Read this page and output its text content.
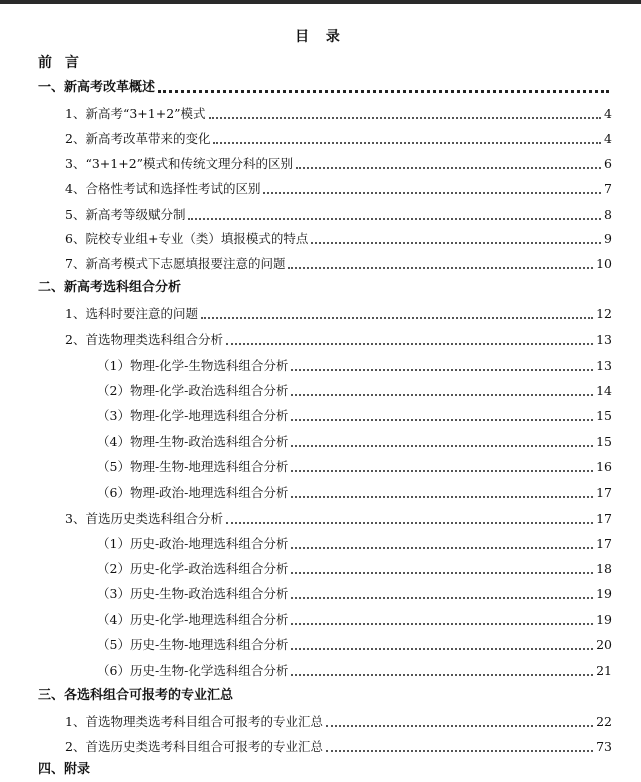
目 录
前 言
一、新高考改革概述
1、新高考“3+1+2”模式	4
2、新高考改革带来的变化	4
3、“3+1+2”模式和传统文理分科的区别	6
4、合格性考试和选择性考试的区别	7
5、新高考等级赋分制	8
6、院校专业组+专业（类）填报模式的特点	9
7、新高考模式下志愿填报要注意的问题	10
二、新高考选科组合分析
1、选科时要注意的问题	12
2、首选物理类选科组合分析	13
（1）物理-化学-生物选科组合分析	13
（2）物理-化学-政治选科组合分析	14
（3）物理-化学-地理选科组合分析	15
（4）物理-生物-政治选科组合分析	15
（5）物理-生物-地理选科组合分析	16
（6）物理-政治-地理选科组合分析	17
3、首选历史类选科组合分析	17
（1）历史-政治-地理选科组合分析	17
（2）历史-化学-政治选科组合分析	18
（3）历史-生物-政治选科组合分析	19
（4）历史-化学-地理选科组合分析	19
（5）历史-生物-地理选科组合分析	20
（6）历史-生物-化学选科组合分析	21
三、各选科组合可报考的专业汇总
1、首选物理类选考科目组合可报考的专业汇总	22
2、首选历史类选考科目组合可报考的专业汇总	73
四、附录
